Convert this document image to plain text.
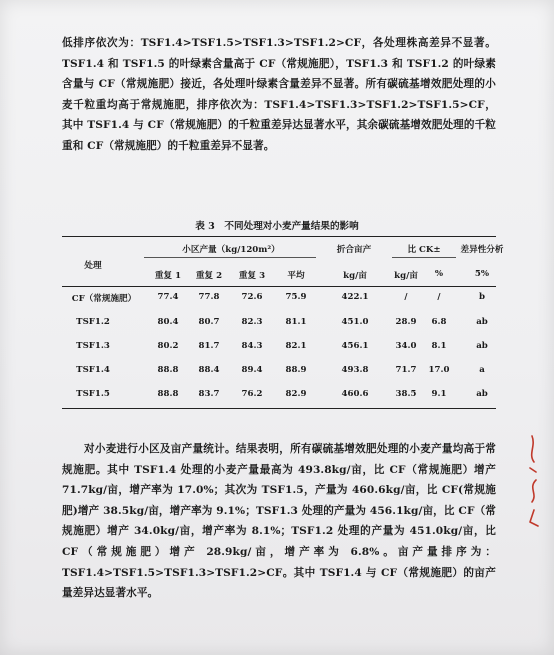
低排序依次为：TSF1.4>TSF1.5>TSF1.3>TSF1.2>CF，各处理株高差异不显著。TSF1.4 和 TSF1.5 的叶绿素含量高于 CF（常规施肥），TSF1.3 和 TSF1.2 的叶绿素含量与 CF（常规施肥）接近，各处理叶绿素含量差异不显著。所有碳硫基增效肥处理的小麦千粒重均高于常规施肥，排序依次为：TSF1.4>TSF1.3>TSF1.2>TSF1.5>CF，其中 TSF1.4 与 CF（常规施肥）的千粒重差异达显著水平，其余碳硫基增效肥处理的千粒重和 CF（常规施肥）的千粒重差异不显著。

表 3　不同处理对小麦产量结果的影响

处理
小区产量（kg/120m²）	折合亩产	比 CK±	差异性分析
重复 1	重复 2	重复 3	平均	kg/亩	kg/亩	%	5%
CF（常规施肥）	77.4	77.8	72.6	75.9	422.1	/	/	b
TSF1.2	80.4	80.7	82.3	81.1	451.0	28.9	6.8	ab
TSF1.3	80.2	81.7	84.3	82.1	456.1	34.0	8.1	ab
TSF1.4	88.8	88.4	89.4	88.9	493.8	71.7	17.0	a
TSF1.5	88.8	83.7	76.2	82.9	460.6	38.5	9.1	ab

对小麦进行小区及亩产量统计。结果表明，所有碳硫基增效肥处理的小麦产量均高于常规施肥。其中 TSF1.4 处理的小麦产量最高为 493.8kg/亩，比 CF（常规施肥）增产 71.7kg/亩，增产率为 17.0%；其次为 TSF1.5，产量为 460.6kg/亩，比 CF(常规施肥)增产 38.5kg/亩，增产率为 9.1%；TSF1.3 处理的产量为 456.1kg/亩，比 CF（常规施肥）增产 34.0kg/亩，增产率为 8.1%；TSF1.2 处理的产量为 451.0kg/亩，比 CF（常规施肥）增产 28.9kg/亩，增产率为 6.8%。亩产量排序为：TSF1.4>TSF1.5>TSF1.3>TSF1.2>CF。其中 TSF1.4 与 CF（常规施肥）的亩产量差异达显著水平。
